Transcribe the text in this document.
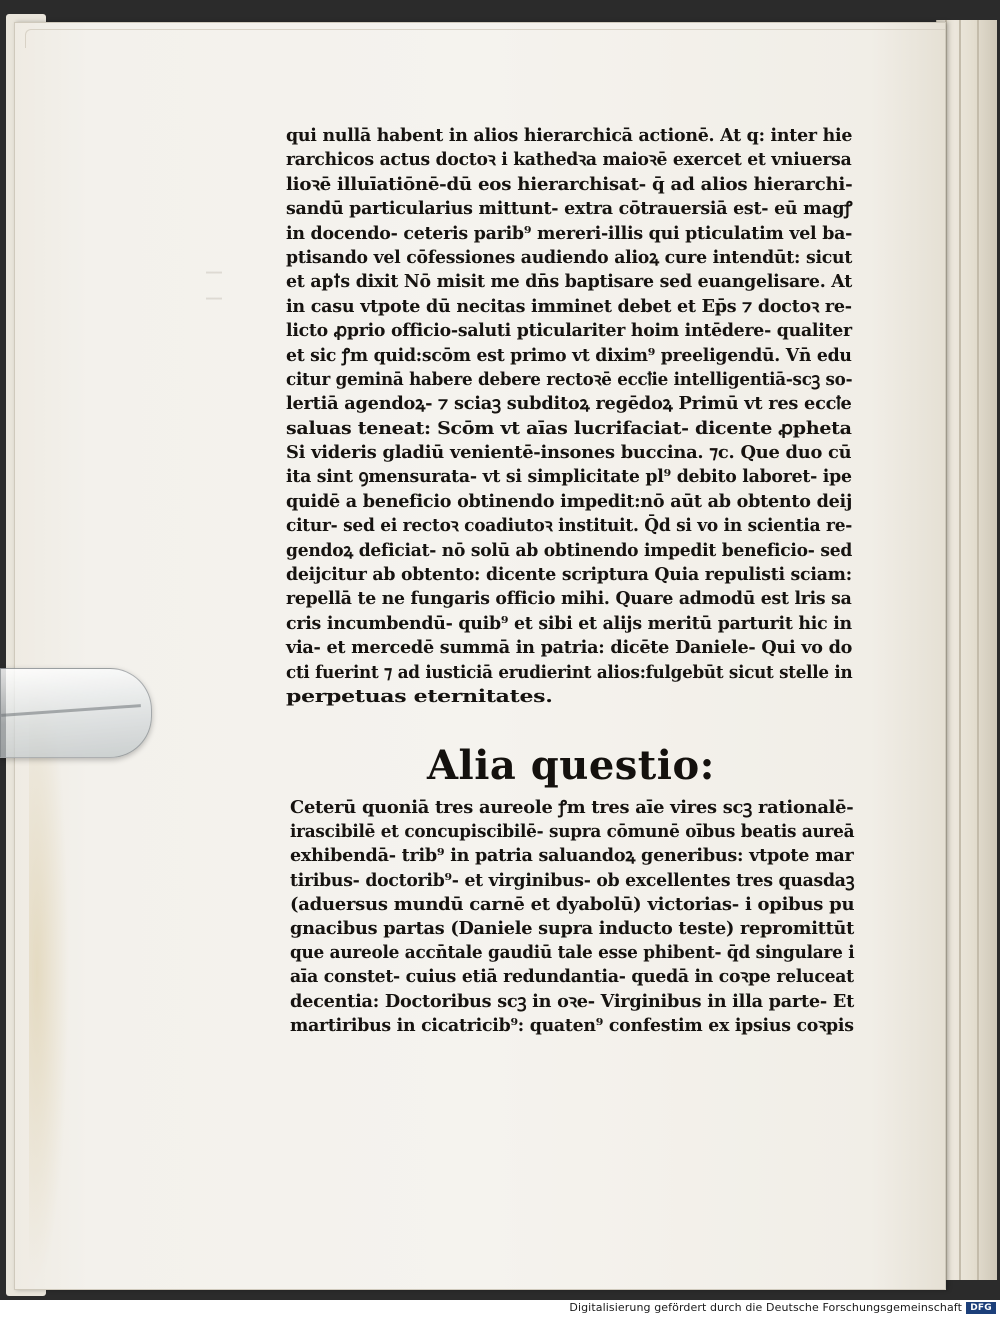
―
―
qui nullā habent in alios hierarchicā actionē. At q: inter hie
rarchicos actus doctoꝛ i kathedꝛa maioꝛē exercet et vniuersa
lioꝛē illuīatiōnē-dū eos hierarchisat- q̄ ad alios hierarchi-
sandū particularius mittunt- extra cōtrauersiā est- eū magꝭ
in docendo- ceteris parib⁹ mereri-illis qui pticulatim vel ba-
ptisando vel cōfessiones audiendo alioꝝ cure intendūt: sicut
et apꝉs dixit Nō misit me dn̄s baptisare sed euangelisare. At
in casu vtpote dū necitas imminet debet et Ep̄s ⁊ doctoꝛ re-
licto ꝓprio officio-saluti pticulariter hoim intēdere- qualiter
et sic ꝭm quid:scōm est primo vt dixim⁹ preeligendū. Vn̄ edu
citur geminā habere debere rectoꝛē eccꝉie intelligentiā-scꝫ so-
lertiā agendoꝝ- ⁊ sciaꝫ subditoꝝ regēdoꝝ Primū vt res eccꝉe
saluas teneat: Scōm vt aīas lucrifaciat- dicente ꝓpheta
Si videris gladiū venientē-insones buccina. ⁊c. Que duo cū
ita sint ꝯmensurata- vt si simplicitate pl⁹ debito laboret- ipe
quidē a beneficio obtinendo impedit:nō aūt ab obtento deij
citur- sed ei rectoꝛ coadiutoꝛ instituit. Q̄d si vo in scientia re-
gendoꝝ deficiat- nō solū ab obtinendo impedit beneficio- sed
deijcitur ab obtento: dicente scriptura Quia repulisti sciam:
repellā te ne fungaris officio mihi. Quare admodū est lris sa
cris incumbendū- quib⁹ et sibi et alijs meritū parturit hic in
via- et mercedē summā in patria: dicēte Daniele- Qui vo do
cti fuerint ⁊ ad iusticiā erudierint alios:fulgebūt sicut stelle in
perpetuas eternitates.
Alia questio:
Ceterū quoniā tres aureole ꝭm tres aīe vires scꝫ rationalē-
irascibilē et concupiscibilē- supra cōmunē oībus beatis aureā
exhibendā- trib⁹ in patria saluandoꝝ generibus: vtpote mar
tiribus- doctorib⁹- et virginibus- ob excellentes tres quasdaꝫ
(aduersus mundū carnē et dyabolū) victorias- i opibus pu
gnacibus partas (Daniele supra inducto teste) repromittūt
que aureole accn̄tale gaudiū tale esse phibent- q̄d singulare i
aīa constet- cuius etiā redundantia- quedā in coꝛpe reluceat
decentia: Doctoribus scꝫ in oꝛe- Virginibus in illa parte- Et
martiribus in cicatricib⁹: quaten⁹ confestim ex ipsius coꝛpis
Digitalisierung gefördert durch die Deutsche Forschungsgemeinschaft DFG
